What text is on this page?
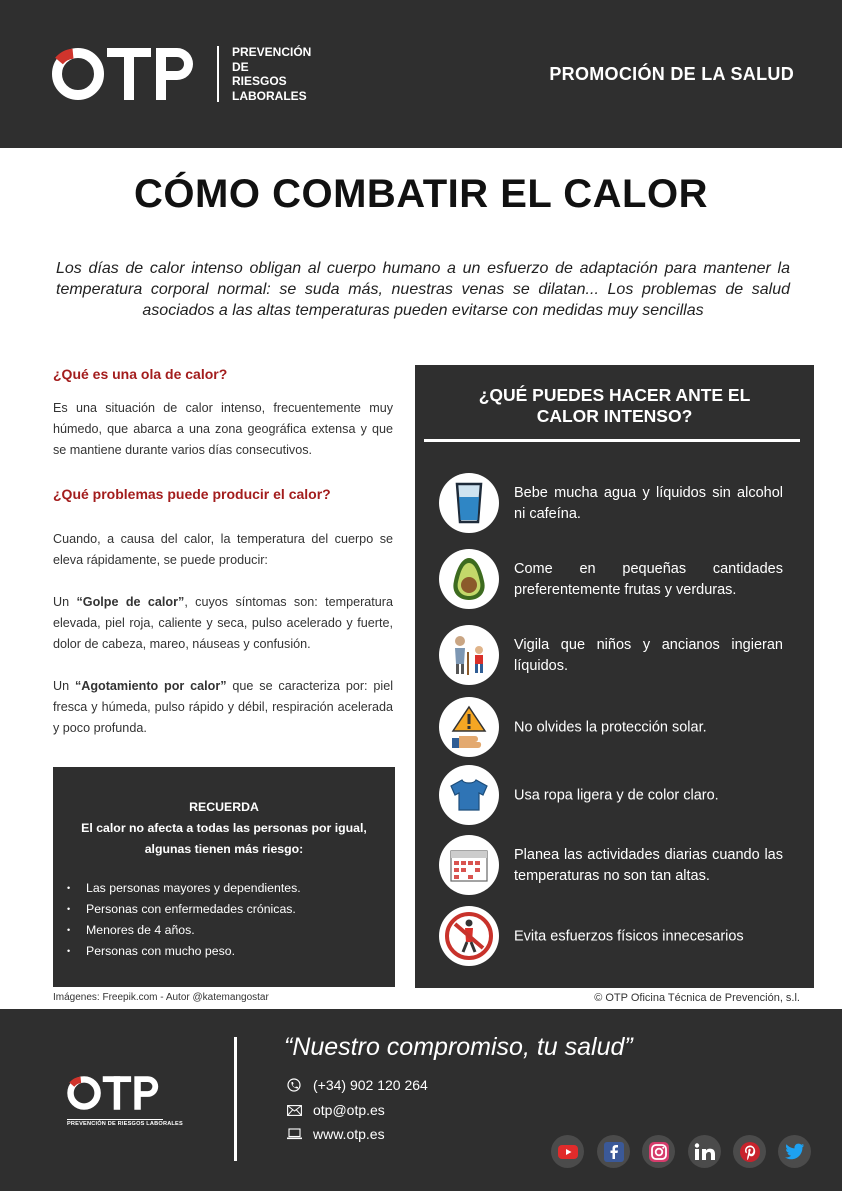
PREVENCIÓN
DE
RIESGOS
LABORALES
PROMOCIÓN DE LA SALUD
CÓMO COMBATIR EL CALOR

Los días de calor intenso obligan al cuerpo humano a un esfuerzo de adaptación para mantener la temperatura corporal normal: se suda más, nuestras venas se dilatan... Los problemas de salud asociados a las altas temperaturas pueden evitarse con medidas muy sencillas

¿Qué es una ola de calor?

Es una situación de calor intenso, frecuentemente muy húmedo, que abarca a una zona geográfica extensa y que se mantiene durante varios días consecutivos.

¿Qué problemas puede producir el calor?

Cuando, a causa del calor, la temperatura del cuerpo se eleva rápidamente, se puede producir:

Un “Golpe de calor”, cuyos síntomas son: temperatura elevada, piel roja, caliente y seca, pulso acelerado y fuerte, dolor de cabeza, mareo, náuseas y confusión.

Un “Agotamiento por calor” que se caracteriza por: piel fresca y húmeda, pulso rápido y débil, respiración acelerada y poco profunda.

RECUERDA
El calor no afecta a todas las personas por igual,
algunas tienen más riesgo:
• Las personas mayores y dependientes.
• Personas con enfermedades crónicas.
• Menores de 4 años.
• Personas con mucho peso.
Imágenes: Freepik.com - Autor @katemangostar	© OTP Oficina Técnica de Prevención, s.l.
¿QUÉ PUEDES HACER ANTE EL
CALOR INTENSO?
Bebe mucha agua y líquidos sin alcohol ni cafeína.
Come en pequeñas cantidades preferentemente frutas y verduras.
Vigila que niños y ancianos ingieran líquidos.
No olvides la protección solar.
Usa ropa ligera y de color claro.
Planea las actividades diarias cuando las temperaturas no son tan altas.
Evita esfuerzos físicos innecesarios
PREVENCIÓN DE RIESGOS LABORALES
“Nuestro compromiso, tu salud”
(+34) 902 120 264
otp@otp.es
www.otp.es
